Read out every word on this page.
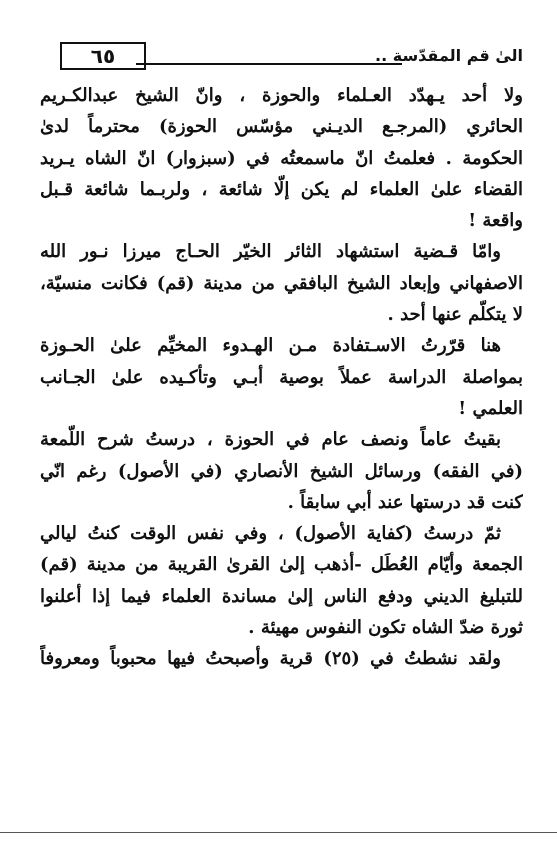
٦٥	الىٰ قم المقدّسة ..
ولا أحد يـهدّد العـلماء والحوزة ، وانّ الشيخ عبدالكـريم
الحائري (المرجـع الديـني مؤسّس الحوزة) محترماً لدىٰ
الحكومة . فعلمتُ انّ ماسمعتُه في (سبزوار) انّ الشاه يـريد
القضاء علىٰ العلماء لم يكن إلّا شائعة ، ولربـما شائعة قـبل
واقعة !
وامّا قـضية استشهاد الثائر الخيّر الحـاج ميرزا نـور الله
الاصفهاني وإبعاد الشيخ البافقي من مدينة (قم) فكانت منسيّة،
لا يتكلّم عنها أحد .
هنا قرّرتُ الاسـتفادة مـن الهـدوء المخيِّم علىٰ الحـوزة
بمواصلة الدراسة عملاً بوصية أبـي وتأكـيده علىٰ الجـانب
العلمي !
بقيتُ عاماً ونصف عام في الحوزة ، درستُ شرح اللّمعة
(في الفقه) ورسائل الشيخ الأنصاري (في الأصول) رغم انّي
كنت قد درستها عند أبي سابقاً .
ثمّ درستُ (كفاية الأصول) ، وفي نفس الوقت كنتُ ليالي
الجمعة وأيّام العُطَل -أذهب إلىٰ القرىٰ القريبة من مدينة (قم)
للتبليغ الديني ودفع الناس إلىٰ مساندة العلماء فيما إذا أعلنوا
ثورة ضدّ الشاه تكون النفوس مهيئة .
ولقد نشطتُ في (٢٥) قرية وأصبحتُ فيها محبوباً ومعروفاً
